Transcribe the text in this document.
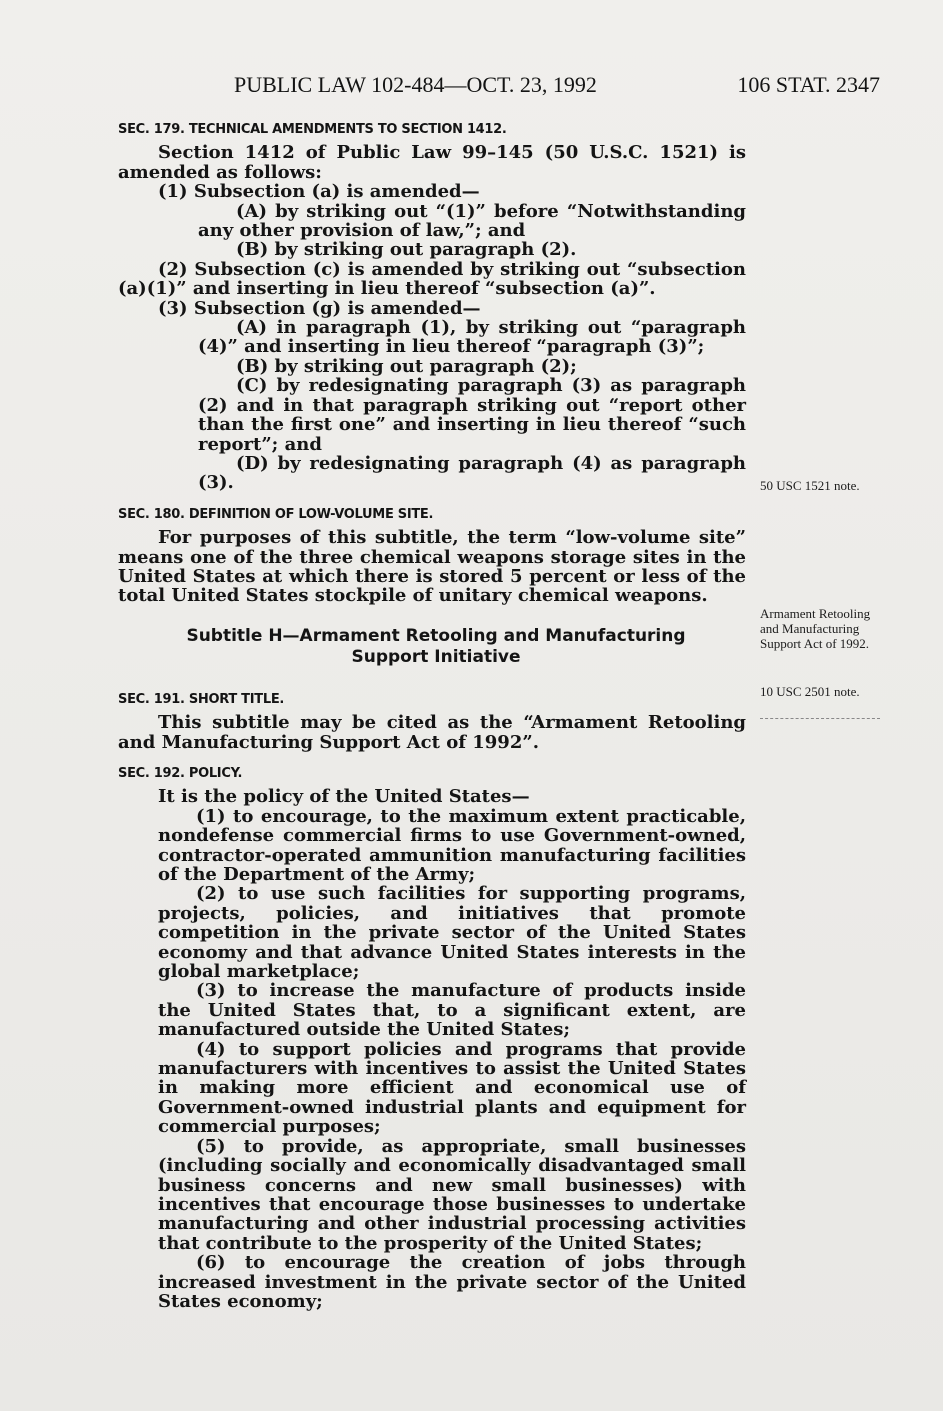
PUBLIC LAW 102-484—OCT. 23, 1992	106 STAT. 2347
SEC. 179. TECHNICAL AMENDMENTS TO SECTION 1412.

Section 1412 of Public Law 99–145 (50 U.S.C. 1521) is amended as follows:

(1) Subsection (a) is amended—

(A) by striking out “(1)” before “Notwithstanding any other provision of law,”; and

(B) by striking out paragraph (2).

(2) Subsection (c) is amended by striking out “subsection (a)(1)” and inserting in lieu thereof “subsection (a)”.

(3) Subsection (g) is amended—

(A) in paragraph (1), by striking out “paragraph (4)” and inserting in lieu thereof “paragraph (3)”;

(B) by striking out paragraph (2);

(C) by redesignating paragraph (3) as paragraph (2) and in that paragraph striking out “report other than the first one” and inserting in lieu thereof “such report”; and

(D) by redesignating paragraph (4) as paragraph (3).

SEC. 180. DEFINITION OF LOW-VOLUME SITE.

For purposes of this subtitle, the term “low-volume site” means one of the three chemical weapons storage sites in the United States at which there is stored 5 percent or less of the total United States stockpile of unitary chemical weapons.

Subtitle H—Armament Retooling and Manufacturing

Support Initiative

SEC. 191. SHORT TITLE.

This subtitle may be cited as the “Armament Retooling and Manufacturing Support Act of 1992”.

SEC. 192. POLICY.

It is the policy of the United States—

(1) to encourage, to the maximum extent practicable, nondefense commercial firms to use Government-owned, contractor-operated ammunition manufacturing facilities of the Department of the Army;

(2) to use such facilities for supporting programs, projects, policies, and initiatives that promote competition in the private sector of the United States economy and that advance United States interests in the global marketplace;

(3) to increase the manufacture of products inside the United States that, to a significant extent, are manufactured outside the United States;

(4) to support policies and programs that provide manufacturers with incentives to assist the United States in making more efficient and economical use of Government-owned industrial plants and equipment for commercial purposes;

(5) to provide, as appropriate, small businesses (including socially and economically disadvantaged small business concerns and new small businesses) with incentives that encourage those businesses to undertake manufacturing and other industrial processing activities that contribute to the prosperity of the United States;

(6) to encourage the creation of jobs through increased investment in the private sector of the United States economy;

50 USC 1521 note.
Armament Retooling and Manufacturing Support Act of 1992.
10 USC 2501 note.
